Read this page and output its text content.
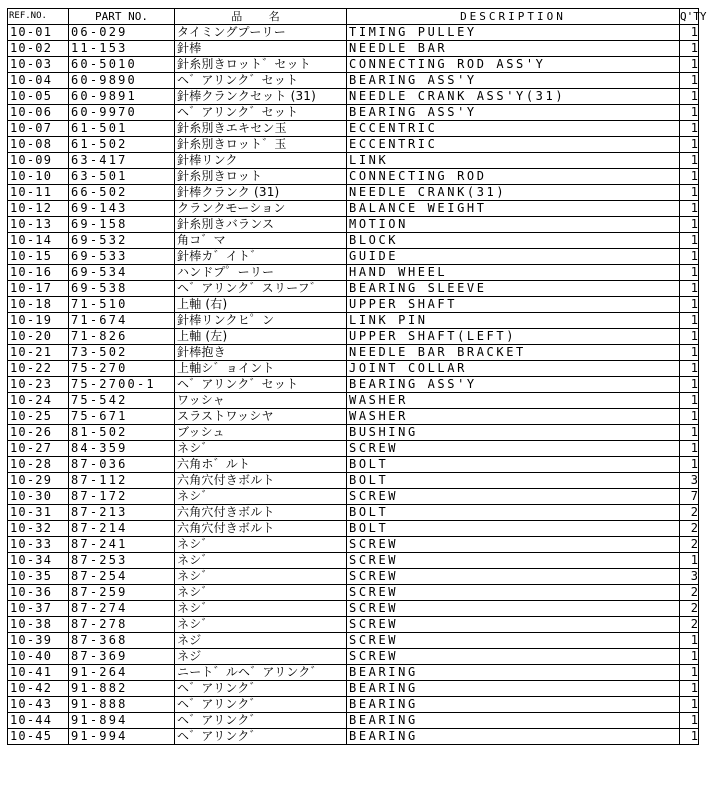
REF.NO.	PART NO.	品 名	DESCRIPTION	Q'TY
10-01	06-029	タイミングプーリー	TIMING PULLEY	1
10-02	11-153	針棒	NEEDLE BAR	1
10-03	60-5010	針糸別きロット゛セット	CONNECTING ROD ASS'Y	1
10-04	60-9890	ヘ゛アリンク゛セット	BEARING ASS'Y	1
10-05	60-9891	針棒クランクセット (31)	NEEDLE CRANK ASS'Y(31)	1
10-06	60-9970	ヘ゛アリンク゛セット	BEARING ASS'Y	1
10-07	61-501	針糸別きエキセン玉	ECCENTRIC	1
10-08	61-502	針糸別きロット゛玉	ECCENTRIC	1
10-09	63-417	針棒リンク	LINK	1
10-10	63-501	針糸別きロット	CONNECTING ROD	1
10-11	66-502	針棒クランク (31)	NEEDLE CRANK(31)	1
10-12	69-143	クランクモーション	BALANCE WEIGHT	1
10-13	69-158	針糸別きバランス	MOTION	1
10-14	69-532	角コ゛マ	BLOCK	1
10-15	69-533	針棒カ゛イト゛	GUIDE	1
10-16	69-534	ハンドプ゜ーリー	HAND WHEEL	1
10-17	69-538	ヘ゛アリンク゛スリーフ゛	BEARING SLEEVE	1
10-18	71-510	上軸 (右)	UPPER SHAFT	1
10-19	71-674	針棒リンクヒ゜ン	LINK PIN	1
10-20	71-826	上軸 (左)	UPPER SHAFT(LEFT)	1
10-21	73-502	針棒抱き	NEEDLE BAR BRACKET	1
10-22	75-270	上軸シ゛ョイント	JOINT COLLAR	1
10-23	75-2700-1	ヘ゛アリンク゛セット	BEARING ASS'Y	1
10-24	75-542	ワッシャ	WASHER	1
10-25	75-671	スラストワッシヤ	WASHER	1
10-26	81-502	ブッシュ	BUSHING	1
10-27	84-359	ネシ゛	SCREW	1
10-28	87-036	六角ホ゛ルト	BOLT	1
10-29	87-112	六角穴付きボルト	BOLT	3
10-30	87-172	ネシ゛	SCREW	7
10-31	87-213	六角穴付きボルト	BOLT	2
10-32	87-214	六角穴付きボルト	BOLT	2
10-33	87-241	ネシ゛	SCREW	2
10-34	87-253	ネシ゛	SCREW	1
10-35	87-254	ネシ゛	SCREW	3
10-36	87-259	ネシ゛	SCREW	2
10-37	87-274	ネシ゛	SCREW	2
10-38	87-278	ネシ゛	SCREW	2
10-39	87-368	ネジ	SCREW	1
10-40	87-369	ネジ	SCREW	1
10-41	91-264	ニート゛ルヘ゛アリンク゛	BEARING	1
10-42	91-882	ヘ゛アリンク゛	BEARING	1
10-43	91-888	ヘ゛アリンク゛	BEARING	1
10-44	91-894	ヘ゛アリンク゛	BEARING	1
10-45	91-994	ヘ゛アリンク゛	BEARING	1
